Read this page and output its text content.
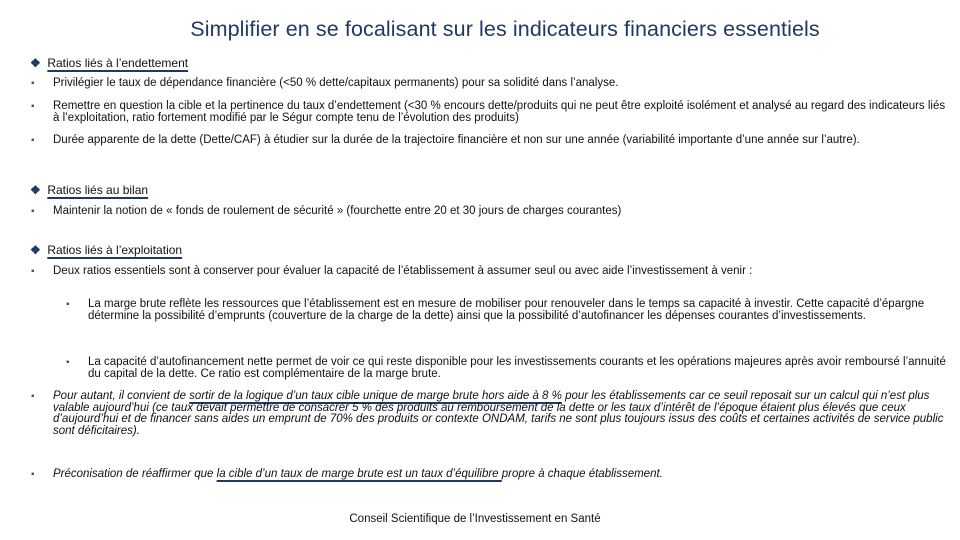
Simplifier en se focalisant sur les indicateurs financiers essentiels
❖ Ratios liés à l’endettement
▪ Privilégier le taux de dépendance financière (<50 % dette/capitaux permanents) pour sa solidité dans l’analyse.
▪ Remettre en question la cible et la pertinence du taux d’endettement (<30 % encours dette/produits qui ne peut être exploité isolément et analysé au regard des indicateurs liés à l’exploitation, ratio fortement modifié par le Ségur compte tenu de l’évolution des produits)
▪ Durée apparente de la dette (Dette/CAF) à étudier sur la durée de la trajectoire financière et non sur une année (variabilité importante d’une année sur l’autre).
❖ Ratios liés au bilan
▪ Maintenir la notion de « fonds de roulement de sécurité » (fourchette entre 20 et 30 jours de charges courantes)
❖ Ratios liés à l’exploitation
▪ Deux ratios essentiels sont à conserver pour évaluer la capacité de l’établissement à assumer seul ou avec aide l’investissement à venir :
▪ La marge brute reflète les ressources que l’établissement est en mesure de mobiliser pour renouveler dans le temps sa capacité à investir. Cette capacité d’épargne détermine la possibilité d’emprunts (couverture de la charge de la dette) ainsi que la possibilité d’autofinancer les dépenses courantes d’investissements.
▪ La capacité d’autofinancement nette permet de voir ce qui reste disponible pour les investissements courants et les opérations majeures après avoir remboursé l’annuité du capital de la dette. Ce ratio est complémentaire de la marge brute.
▪ Pour autant, il convient de sortir de la logique d’un taux cible unique de marge brute hors aide à 8 % pour les établissements car ce seuil reposait sur un calcul qui n’est plus valable aujourd’hui (ce taux devait permettre de consacrer 5 % des produits au remboursement de la dette or les taux d’intérêt de l’époque étaient plus élevés que ceux d’aujourd’hui et de financer sans aides un emprunt de 70% des produits or contexte ONDAM, tarifs ne sont plus toujours issus des coûts et certaines activités de service public sont déficitaires).
▪ Préconisation de réaffirmer que la cible d’un taux de marge brute est un taux d’équilibre propre à chaque établissement.
Conseil Scientifique de l’Investissement en Santé
